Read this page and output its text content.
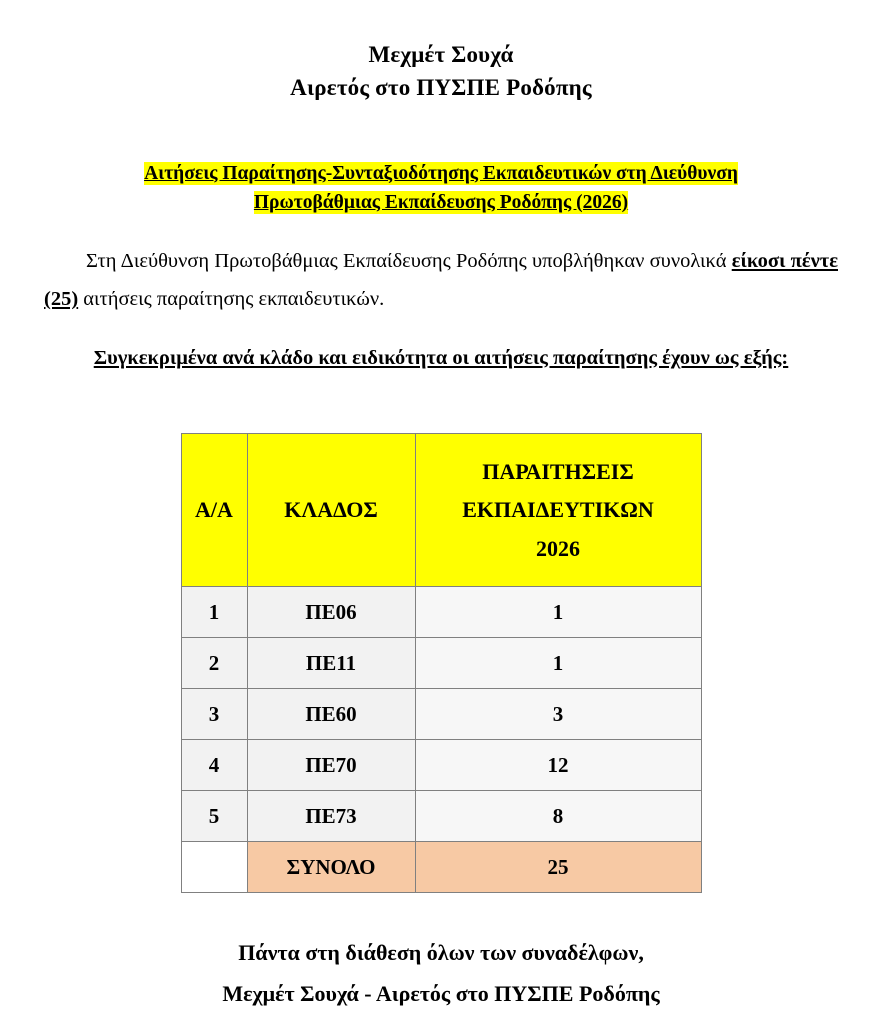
Μεχμέτ Σουχά
Αιρετός στο ΠΥΣΠΕ Ροδόπης
Αιτήσεις Παραίτησης-Συνταξιοδότησης Εκπαιδευτικών στη Διεύθυνση
Πρωτοβάθμιας Εκπαίδευσης Ροδόπης (2026)

Στη Διεύθυνση Πρωτοβάθμιας Εκπαίδευσης Ροδόπης υποβλήθηκαν συνολικά είκοσι πέντε (25) αιτήσεις παραίτησης εκπαιδευτικών.

Συγκεκριμένα ανά κλάδο και ειδικότητα οι αιτήσεις παραίτησης έχουν ως εξής:
Α/Α	ΚΛΑΔΟΣ	ΠΑΡΑΙΤΗΣΕΙΣ
ΕΚΠΑΙΔΕΥΤΙΚΩΝ
2026

1	ΠΕ06	1
2	ΠΕ11	1
3	ΠΕ60	3
4	ΠΕ70	12
5	ΠΕ73	8
	ΣΥΝΟΛΟ	25
Πάντα στη διάθεση όλων των συναδέλφων,
Μεχμέτ Σουχά - Αιρετός στο ΠΥΣΠΕ Ροδόπης
